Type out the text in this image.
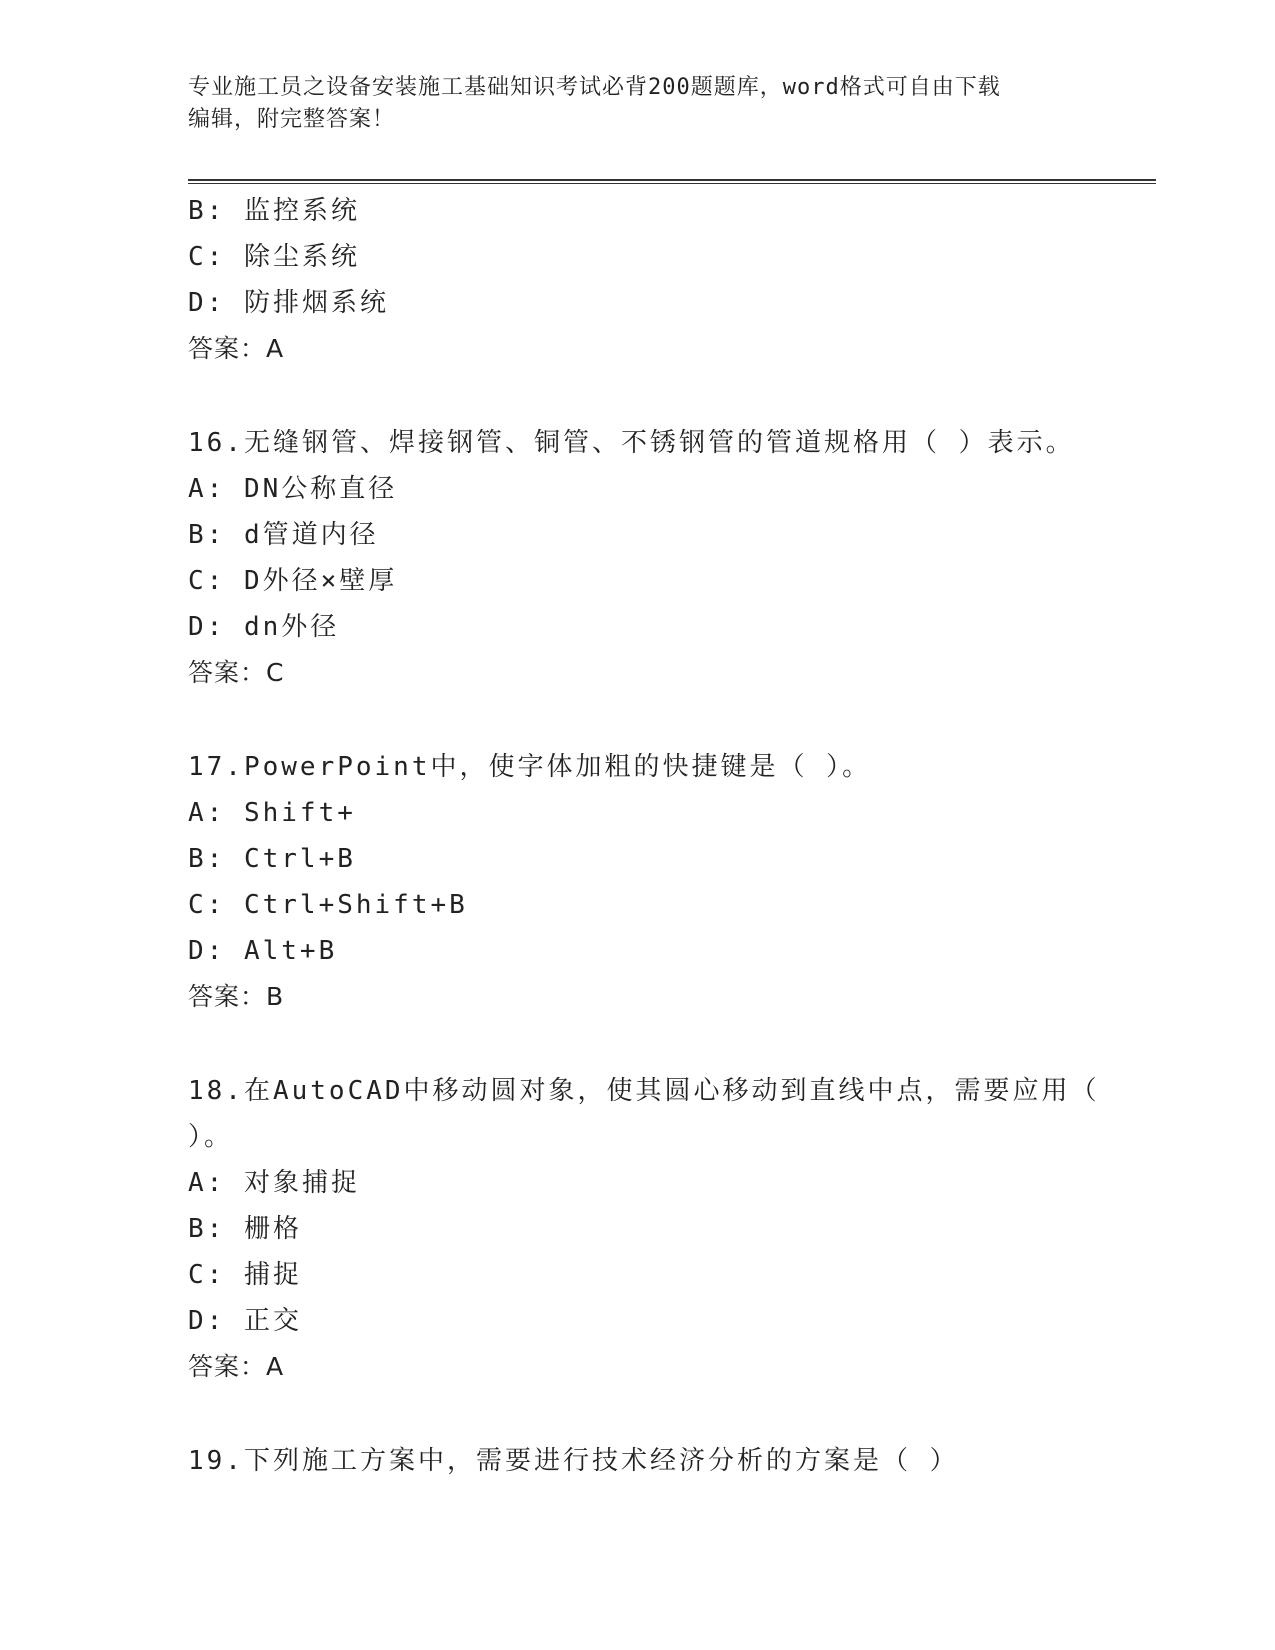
专业施工员之设备安装施工基础知识考试必背200题题库，word格式可自由下载
编辑，附完整答案！
B: 监控系统
C: 除尘系统
D: 防排烟系统
答案：A
16.无缝钢管、焊接钢管、铜管、不锈钢管的管道规格用（ ）表示。
A: DN公称直径
B: d管道内径
C: D外径×壁厚
D: dn外径
答案：C
17.PowerPoint中，使字体加粗的快捷键是（ ）。
A: Shift+
B: Ctrl+B
C: Ctrl+Shift+B
D: Alt+B
答案：B
18.在AutoCAD中移动圆对象，使其圆心移动到直线中点，需要应用（
）。
A: 对象捕捉
B: 栅格
C: 捕捉
D: 正交
答案：A
19.下列施工方案中，需要进行技术经济分析的方案是（ ）
